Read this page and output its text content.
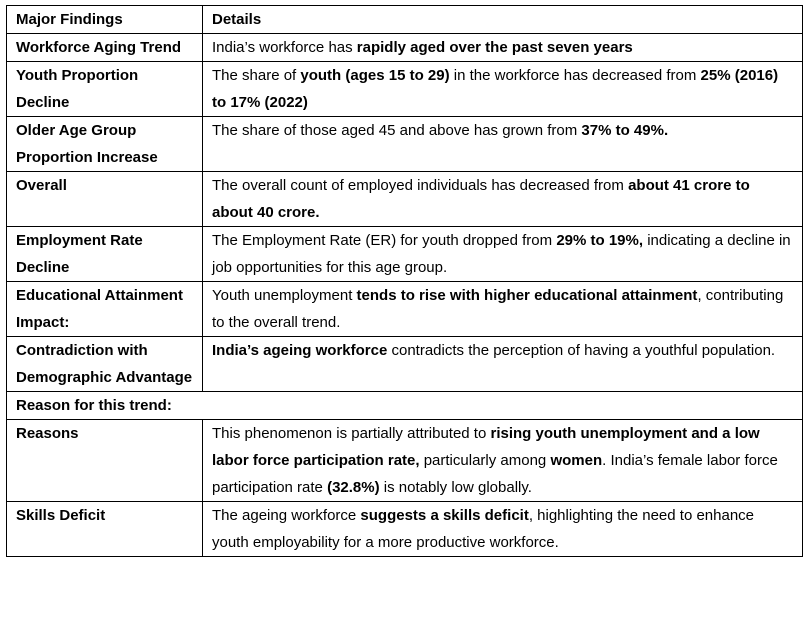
Major Findings	Details
Workforce Aging Trend	India’s workforce has rapidly aged over the past seven years
Youth Proportion Decline	The share of youth (ages 15 to 29) in the workforce has decreased from 25% (2016) to 17% (2022)
Older Age Group Proportion Increase	The share of those aged 45 and above has grown from 37% to 49%.
Overall	The overall count of employed individuals has decreased from about 41 crore to about 40 crore.
Employment Rate Decline	The Employment Rate (ER) for youth dropped from 29% to 19%, indicating a decline in job opportunities for this age group.
Educational Attainment Impact:	Youth unemployment tends to rise with higher educational attainment, contributing to the overall trend.
Contradiction with Demographic Advantage	India’s ageing workforce contradicts the perception of having a youthful population.
Reason for this trend:	
Reasons	This phenomenon is partially attributed to rising youth unemployment and a low labor force participation rate, particularly among women. India’s female labor force participation rate (32.8%) is notably low globally.
Skills Deficit	The ageing workforce suggests a skills deficit, highlighting the need to enhance youth employability for a more productive workforce.
